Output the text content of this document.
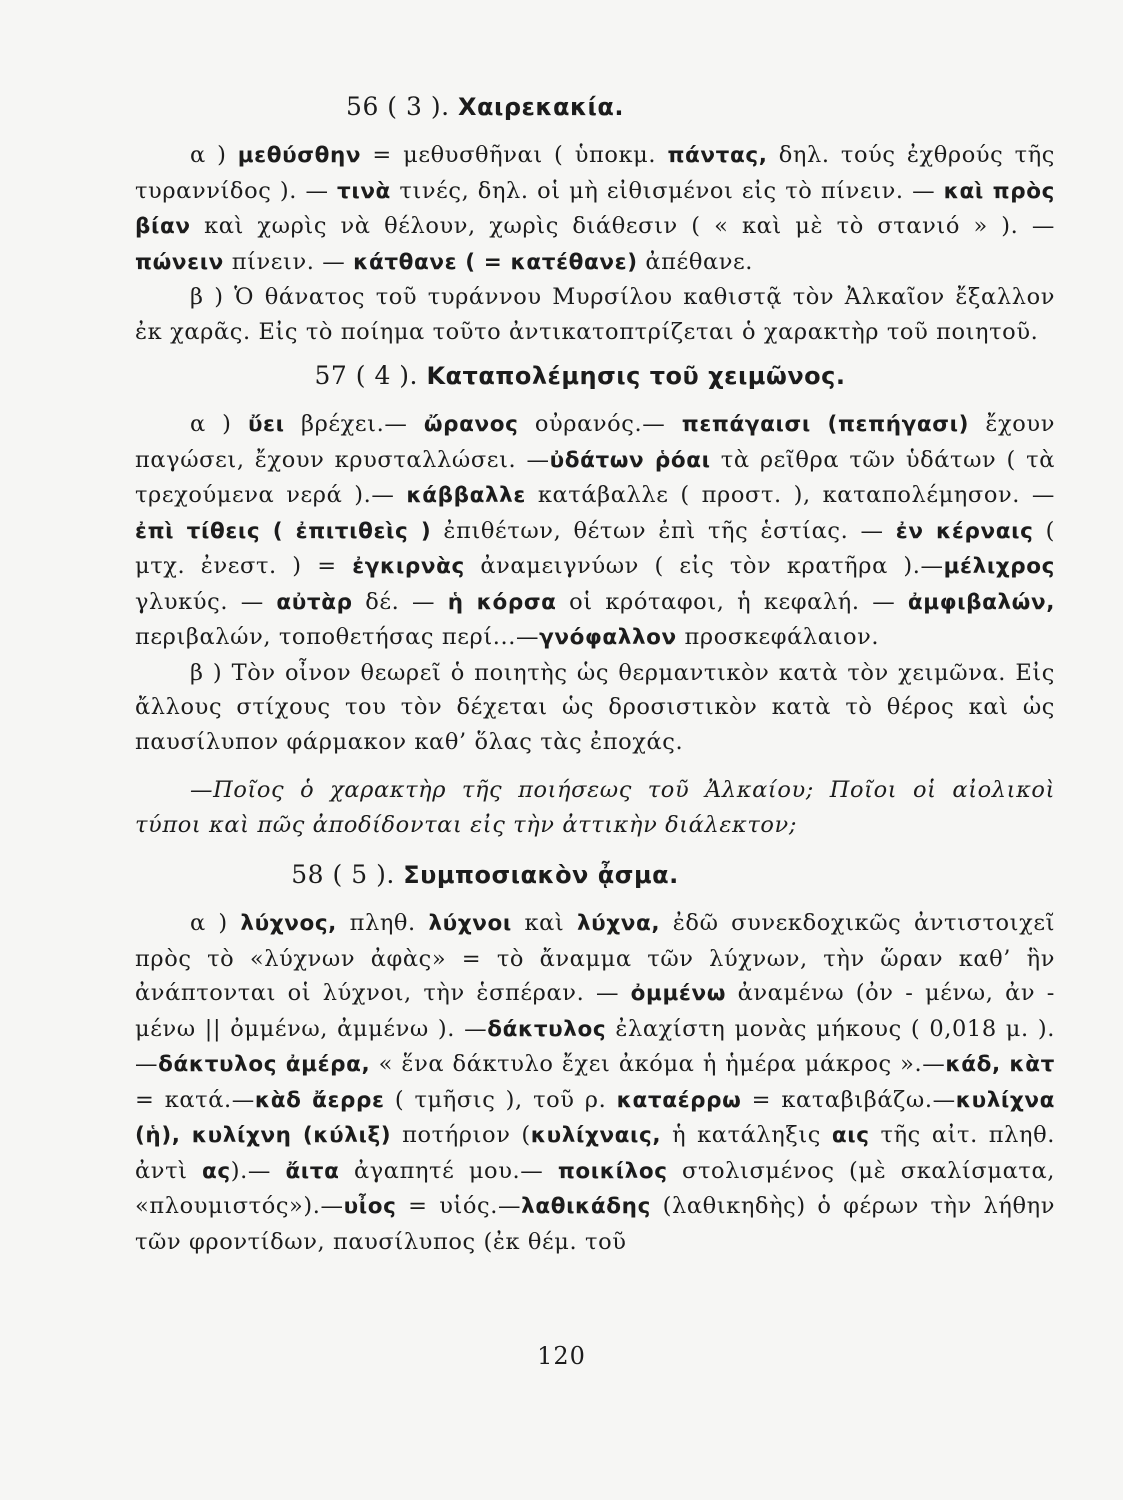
56 ( 3 ). Χαιρεκακία.

α ) μεθύσθην = μεθυσθῆναι ( ὑποκμ. πάντας, δηλ. τούς ἐχθρούς τῆς τυραννίδος ). — τινὰ τινές, δηλ. οἱ μὴ εἰθισμένοι εἰς τὸ πίνειν. — καὶ πρὸς βίαν καὶ χωρὶς νὰ θέλουν, χωρὶς διάθεσιν ( « καὶ μὲ τὸ στανιό » ). — πώνειν πίνειν. — κάτθανε ( = κατέθανε) ἀπέθανε.

β ) Ὁ θάνατος τοῦ τυράννου Μυρσίλου καθιστᾷ τὸν Ἀλκαῖον ἔξαλλον ἐκ χαρᾶς. Εἰς τὸ ποίημα τοῦτο ἀντικατοπτρίζεται ὁ χαρακτὴρ τοῦ ποιητοῦ.

57 ( 4 ). Καταπολέμησις τοῦ χειμῶνος.

α ) ὔει βρέχει.— ὤρανος οὐρανός.— πεπάγαισι (πεπήγασι) ἔχουν παγώσει, ἔχουν κρυσταλλώσει. —ὐδάτων ῥόαι τὰ ρεῖθρα τῶν ὑδάτων ( τὰ τρεχούμενα νερά ).— κάββαλλε κατάβαλλε ( προστ. ), καταπολέμησον. — ἐπὶ τίθεις ( ἐπιτιθεὶς ) ἐπιθέτων, θέτων ἐπὶ τῆς ἑστίας. — ἐν κέρναις ( μτχ. ἐνεστ. ) = ἐγκιρνὰς ἀναμειγνύων ( εἰς τὸν κρατῆρα ).—μέλιχρος γλυκύς. — αὐτὰρ δέ. — ἡ κόρσα οἱ κρόταφοι, ἡ κεφαλή. — ἀμφιβαλών, περιβαλών, τοποθετήσας περί...—γνόφαλλον προσκεφάλαιον.

β ) Τὸν οἶνον θεωρεῖ ὁ ποιητὴς ὡς θερμαντικὸν κατὰ τὸν χειμῶνα. Εἰς ἄλλους στίχους του τὸν δέχεται ὡς δροσιστικὸν κατὰ τὸ θέρος καὶ ὡς παυσίλυπον φάρμακον καθ’ ὅλας τὰς ἐποχάς.

—Ποῖος ὁ χαρακτὴρ τῆς ποιήσεως τοῦ Ἀλκαίου; Ποῖοι οἱ αἰολικοὶ τύποι καὶ πῶς ἀποδίδονται εἰς τὴν ἀττικὴν διάλεκτον;

58 ( 5 ). Συμποσιακὸν ᾆσμα.

α ) λύχνος, πληθ. λύχνοι καὶ λύχνα, ἐδῶ συνεκδοχικῶς ἀντιστοιχεῖ πρὸς τὸ «λύχνων ἀφὰς» = τὸ ἄναμμα τῶν λύχνων, τὴν ὥραν καθ’ ἣν ἀνάπτονται οἱ λύχνοι, τὴν ἑσπέραν. — ὀμμένω ἀναμένω (ὀν - μένω, ἀν - μένω || ὀμμένω, ἀμμένω ). —δάκτυλος ἐλαχίστη μονὰς μήκους ( 0,018 μ. ).—δάκτυλος ἀμέρα, « ἕνα δάκτυλο ἔχει ἀκόμα ἡ ἡμέρα μάκρος ».—κάδ, κὰτ = κατά.—κὰδ ἄερρε ( τμῆσις ), τοῦ ρ. καταέρρω = καταβιβάζω.—κυλίχνα (ἡ), κυλίχνη (κύλιξ) ποτήριον (κυλίχναις, ἡ κατάληξις αις τῆς αἰτ. πληθ. ἀντὶ ας).— ἄιτα ἀγαπητέ μου.— ποικίλος στολισμένος (μὲ σκαλίσματα, «πλουμιστός»).—υἶος = υἱός.—λαθικάδης (λαθικηδὴς) ὁ φέρων τὴν λήθην τῶν φροντίδων, παυσίλυπος (ἐκ θέμ. τοῦ

120
